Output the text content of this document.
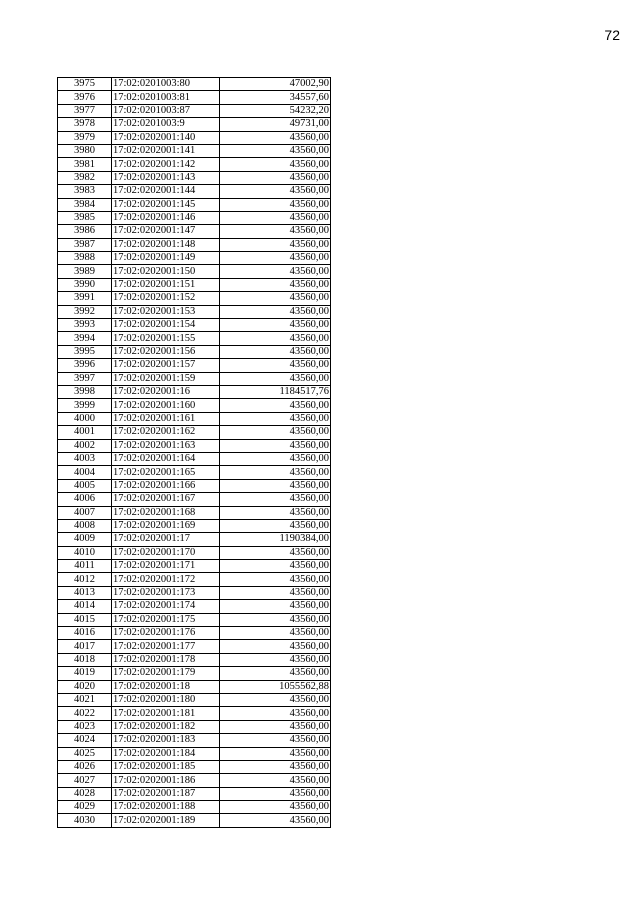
72
3975	17:02:0201003:80	47002,90
3976	17:02:0201003:81	34557,60
3977	17:02:0201003:87	54232,20
3978	17:02:0201003:9	49731,00
3979	17:02:0202001:140	43560,00
3980	17:02:0202001:141	43560,00
3981	17:02:0202001:142	43560,00
3982	17:02:0202001:143	43560,00
3983	17:02:0202001:144	43560,00
3984	17:02:0202001:145	43560,00
3985	17:02:0202001:146	43560,00
3986	17:02:0202001:147	43560,00
3987	17:02:0202001:148	43560,00
3988	17:02:0202001:149	43560,00
3989	17:02:0202001:150	43560,00
3990	17:02:0202001:151	43560,00
3991	17:02:0202001:152	43560,00
3992	17:02:0202001:153	43560,00
3993	17:02:0202001:154	43560,00
3994	17:02:0202001:155	43560,00
3995	17:02:0202001:156	43560,00
3996	17:02:0202001:157	43560,00
3997	17:02:0202001:159	43560,00
3998	17:02:0202001:16	1184517,76
3999	17:02:0202001:160	43560,00
4000	17:02:0202001:161	43560,00
4001	17:02:0202001:162	43560,00
4002	17:02:0202001:163	43560,00
4003	17:02:0202001:164	43560,00
4004	17:02:0202001:165	43560,00
4005	17:02:0202001:166	43560,00
4006	17:02:0202001:167	43560,00
4007	17:02:0202001:168	43560,00
4008	17:02:0202001:169	43560,00
4009	17:02:0202001:17	1190384,00
4010	17:02:0202001:170	43560,00
4011	17:02:0202001:171	43560,00
4012	17:02:0202001:172	43560,00
4013	17:02:0202001:173	43560,00
4014	17:02:0202001:174	43560,00
4015	17:02:0202001:175	43560,00
4016	17:02:0202001:176	43560,00
4017	17:02:0202001:177	43560,00
4018	17:02:0202001:178	43560,00
4019	17:02:0202001:179	43560,00
4020	17:02:0202001:18	1055562,88
4021	17:02:0202001:180	43560,00
4022	17:02:0202001:181	43560,00
4023	17:02:0202001:182	43560,00
4024	17:02:0202001:183	43560,00
4025	17:02:0202001:184	43560,00
4026	17:02:0202001:185	43560,00
4027	17:02:0202001:186	43560,00
4028	17:02:0202001:187	43560,00
4029	17:02:0202001:188	43560,00
4030	17:02:0202001:189	43560,00
